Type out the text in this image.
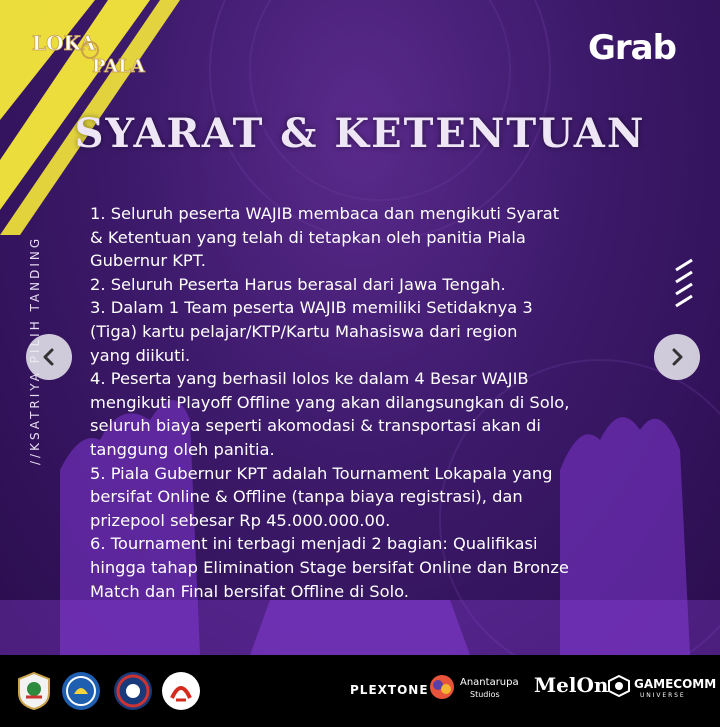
LOKA
PALA	Grab
SYARAT & KETENTUAN
1. Seluruh peserta WAJIB membaca dan mengikuti Syarat
& Ketentuan yang telah di tetapkan oleh panitia Piala
Gubernur KPT.
2. Seluruh Peserta Harus berasal dari Jawa Tengah.
3. Dalam 1 Team peserta WAJIB memiliki Setidaknya 3
(Tiga) kartu pelajar/KTP/Kartu Mahasiswa dari region
yang diikuti.
4. Peserta yang berhasil lolos ke dalam 4 Besar WAJIB
mengikuti Playoff Offline yang akan dilangsungkan di Solo,
seluruh biaya seperti akomodasi & transportasi akan di
tanggung oleh panitia.
5. Piala Gubernur KPT adalah Tournament Lokapala yang
bersifat Online & Offline (tanpa biaya registrasi), dan
prizepool sebesar Rp 45.000.000.00.
6. Tournament ini terbagi menjadi 2 bagian: Qualifikasi
hingga tahap Elimination Stage bersifat Online dan Bronze
Match dan Final bersifat Offline di Solo.
PLEXTONE
Anantarupa
Studios MelOn GAMECOMM
U N I V E R S E
